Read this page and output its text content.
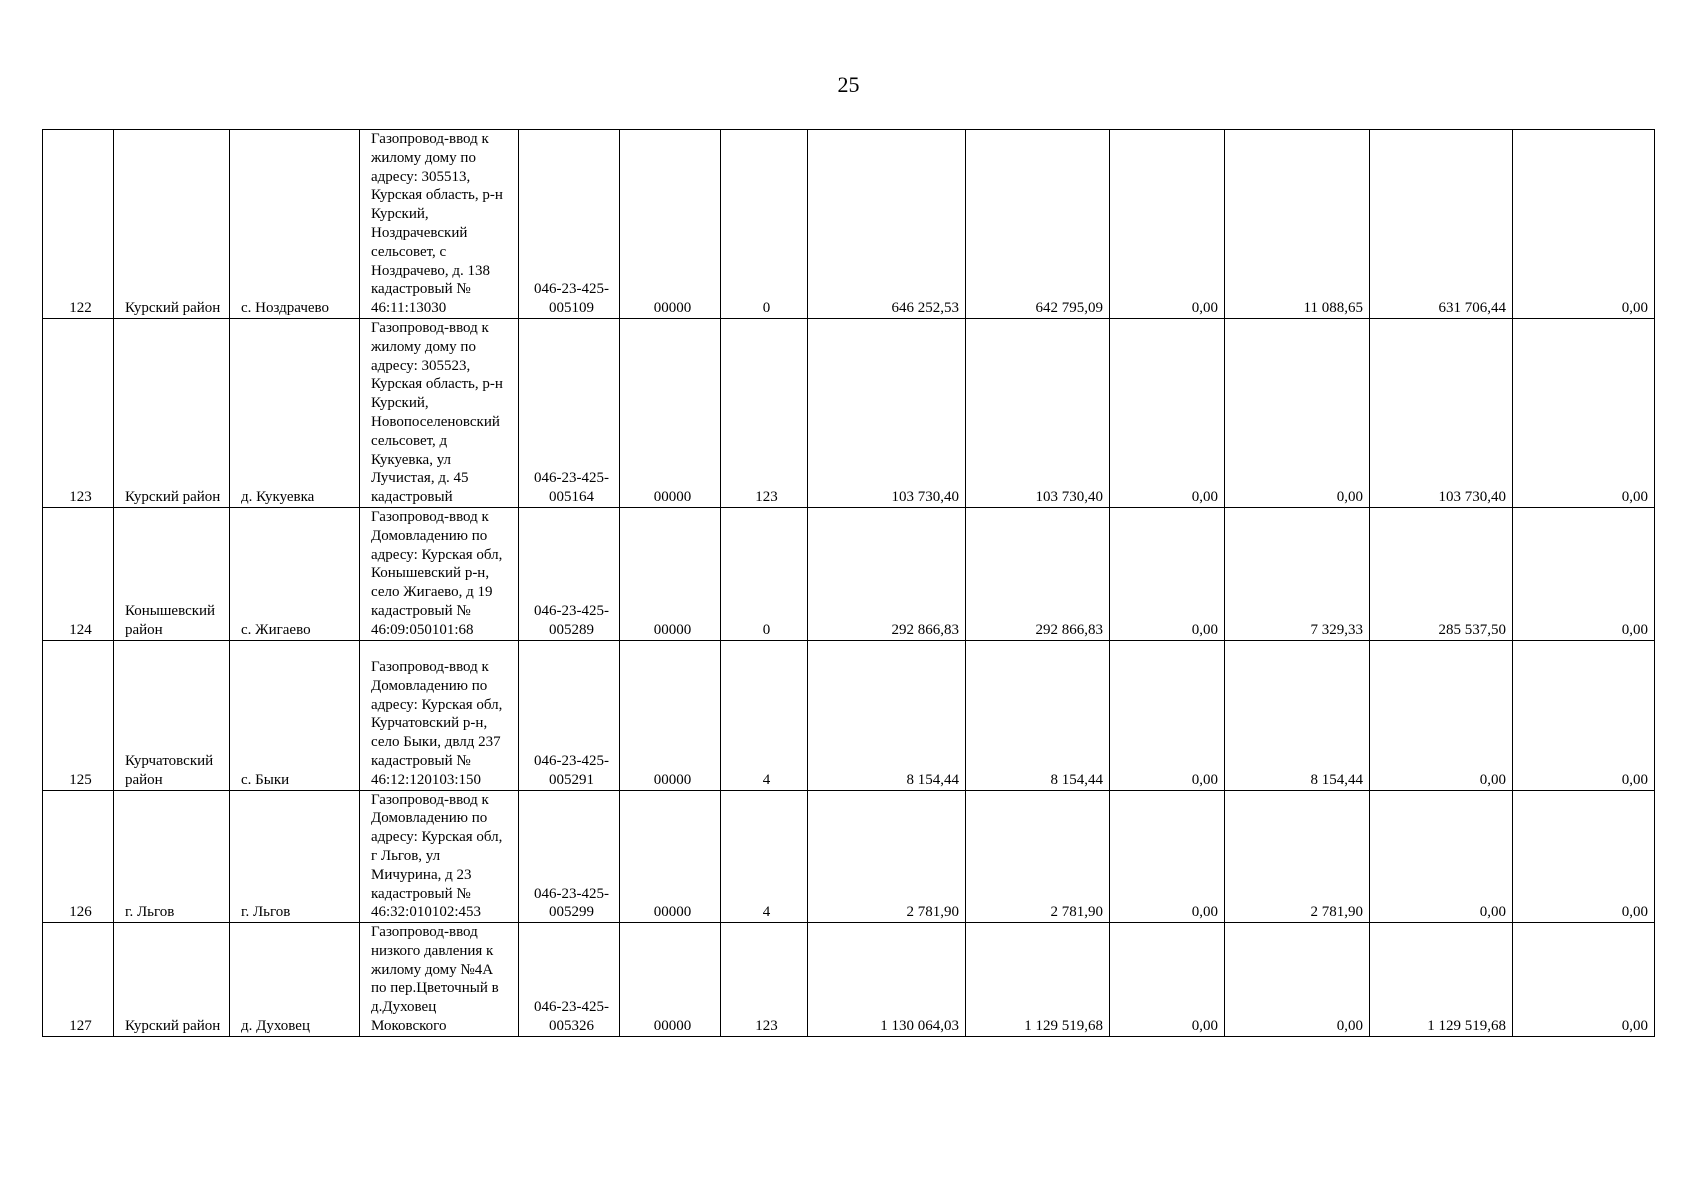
25
122	Курский район	с. Ноздрачево	Газопровод-ввод к жилому дому по адресу: 305513, Курская область, р-н Курский, Ноздрачевский сельсовет, с Ноздрачево, д. 138 кадастровый № 46:11:13030	046-23-425-005109	00000	0	646 252,53	642 795,09	0,00	11 088,65	631 706,44	0,00
123	Курский район	д. Кукуевка	Газопровод-ввод к жилому дому по адресу: 305523, Курская область, р-н Курский, Новопоселеновский сельсовет, д Кукуевка, ул Лучистая, д. 45 кадастровый	046-23-425-005164	00000	123	103 730,40	103 730,40	0,00	0,00	103 730,40	0,00
124	Конышевский район	с. Жигаево	Газопровод-ввод к Домовладению по адресу: Курская обл, Конышевский р-н, село Жигаево, д 19 кадастровый № 46:09:050101:68	046-23-425-005289	00000	0	292 866,83	292 866,83	0,00	7 329,33	285 537,50	0,00
125	Курчатовский район	с. Быки	Газопровод-ввод к Домовладению по адресу: Курская обл, Курчатовский р-н, село Быки, двлд 237 кадастровый № 46:12:120103:150	046-23-425-005291	00000	4	8 154,44	8 154,44	0,00	8 154,44	0,00	0,00
126	г. Льгов	г. Льгов	Газопровод-ввод к Домовладению по адресу: Курская обл, г Льгов, ул Мичурина, д 23 кадастровый № 46:32:010102:453	046-23-425-005299	00000	4	2 781,90	2 781,90	0,00	2 781,90	0,00	0,00
127	Курский район	д. Духовец	Газопровод-ввод низкого давления к жилому дому №4А по пер.Цветочный в д.Духовец Моковского	046-23-425-005326	00000	123	1 130 064,03	1 129 519,68	0,00	0,00	1 129 519,68	0,00
